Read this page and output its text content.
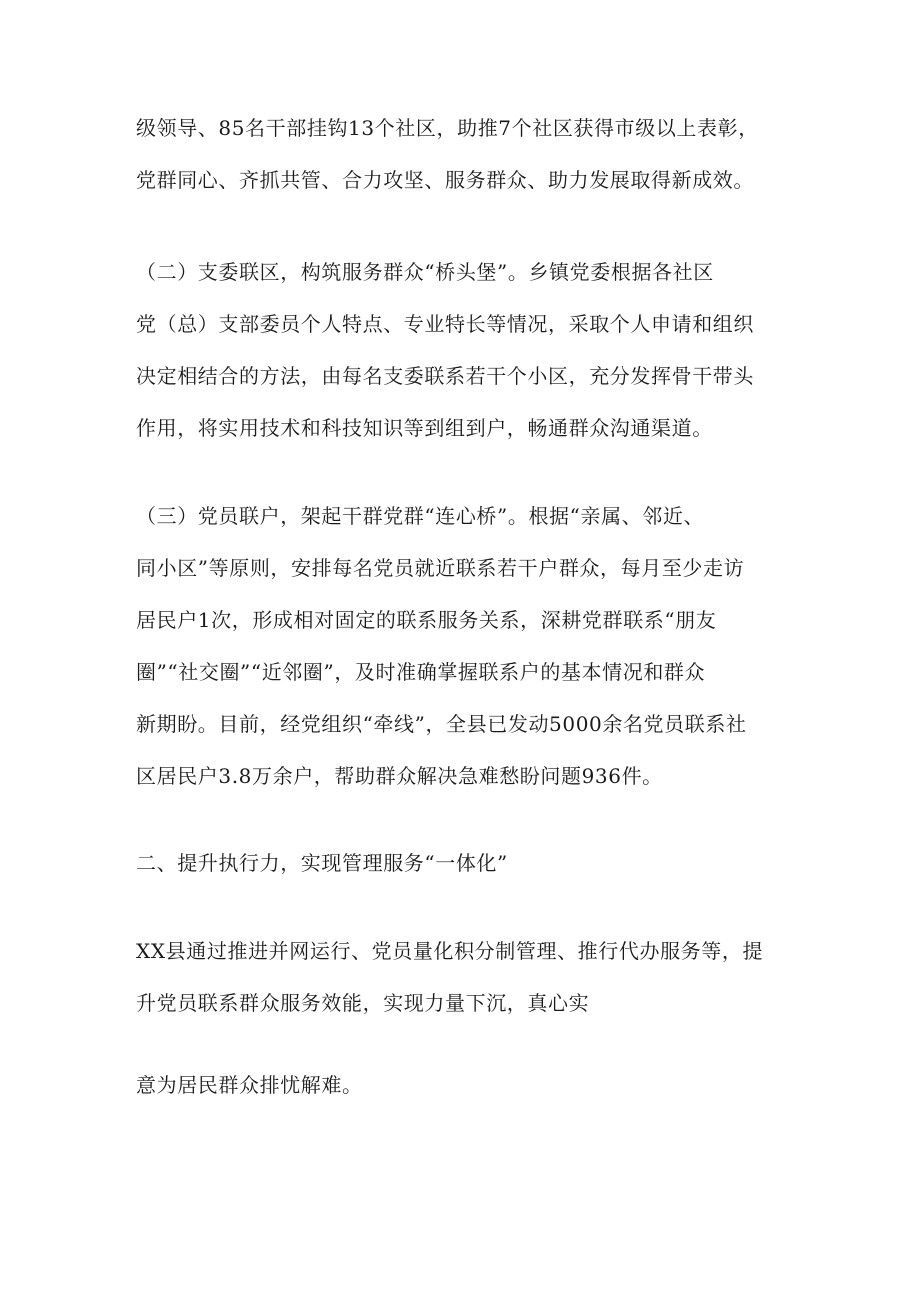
级领导、85名干部挂钩13个社区，助推7个社区获得市级以上表彰，
党群同心、齐抓共管、合力攻坚、服务群众、助力发展取得新成效。
（二）支委联区，构筑服务群众“桥头堡”。乡镇党委根据各社区
党（总）支部委员个人特点、专业特长等情况，采取个人申请和组织
决定相结合的方法，由每名支委联系若干个小区，充分发挥骨干带头
作用，将实用技术和科技知识等到组到户，畅通群众沟通渠道。
（三）党员联户，架起干群党群“连心桥”。根据“亲属、邻近、
同小区”等原则，安排每名党员就近联系若干户群众，每月至少走访
居民户1次，形成相对固定的联系服务关系，深耕党群联系“朋友
圈”“社交圈”“近邻圈”，及时准确掌握联系户的基本情况和群众
新期盼。目前，经党组织“牵线”，全县已发动5000余名党员联系社
区居民户3.8万余户，帮助群众解决急难愁盼问题936件。
二、提升执行力，实现管理服务“一体化”
XX县通过推进并网运行、党员量化积分制管理、推行代办服务等，提
升党员联系群众服务效能，实现力量下沉，真心实
意为居民群众排忧解难。
